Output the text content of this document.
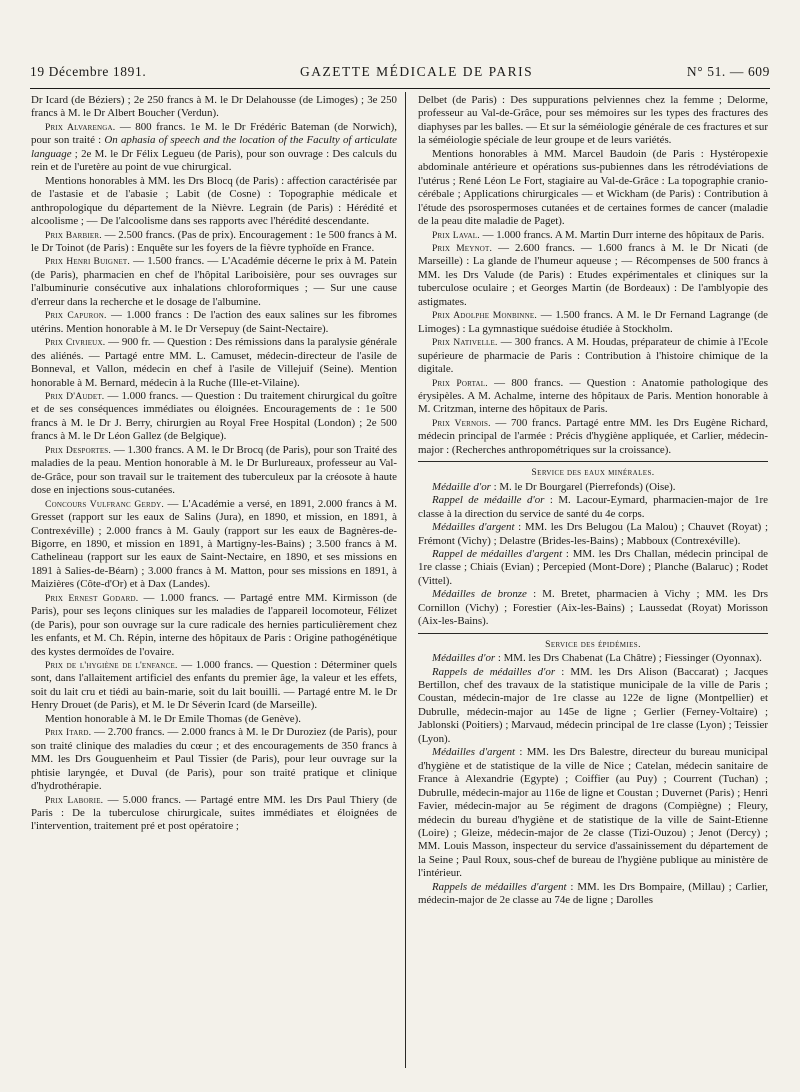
19 Décembre 1891.	GAZETTE MÉDICALE DE PARIS	N° 51. — 609

Dr Icard (de Béziers) ; 2e 250 francs à M. le Dr Delahousse (de Limoges) ; 3e 250 francs à M. le Dr Albert Boucher (Verdun).

Prix Alvarenga. — 800 francs. 1e M. le Dr Frédéric Bateman (de Norwich), pour son traité : On aphasia of speech and the location of the Faculty of articulate language ; 2e M. le Dr Félix Legueu (de Paris), pour son ouvrage : Des calculs du rein et de l'uretère au point de vue chirurgical.

Mentions honorables à MM. les Drs Blocq (de Paris) : affection caractérisée par de l'astasie et de l'abasie ; Labit (de Cosne) : Topographie médicale et anthropologique du département de la Nièvre. Legrain (de Paris) : Hérédité et alcoolisme ; — De l'alcoolisme dans ses rapports avec l'hérédité descendante.

Prix Barbier. — 2.500 francs. (Pas de prix). Encouragement : 1e 500 francs à M. le Dr Toinot (de Paris) : Enquête sur les foyers de la fièvre typhoïde en France.

Prix Henri Buignet. — 1.500 francs. — L'Académie décerne le prix à M. Patein (de Paris), pharmacien en chef de l'hôpital Lariboisière, pour ses ouvrages sur l'albuminurie consécutive aux inhalations chloroformiques ; — Sur une cause d'erreur dans la recherche et le dosage de l'albumine.

Prix Capuron. — 1.000 francs : De l'action des eaux salines sur les fibromes utérins. Mention honorable à M. le Dr Versepuy (de Saint-Nectaire).

Prix Civrieux. — 900 fr. — Question : Des rémissions dans la paralysie générale des aliénés. — Partagé entre MM. L. Camuset, médecin-directeur de l'asile de Bonneval, et Vallon, médecin en chef à l'asile de Villejuif (Seine). Mention honorable à M. Bernard, médecin à la Ruche (Ille-et-Vilaine).

Prix D'Audet. — 1.000 francs. — Question : Du traitement chirurgical du goître et de ses conséquences immédiates ou éloignées. Encouragements de : 1e 500 francs à M. le Dr J. Berry, chirurgien au Royal Free Hospital (London) ; 2e 500 francs à M. le Dr Léon Gallez (de Belgique).

Prix Desportes. — 1.300 francs. A M. le Dr Brocq (de Paris), pour son Traité des maladies de la peau. Mention honorable à M. le Dr Burlureaux, professeur au Val-de-Grâce, pour son travail sur le traitement des tuberculeux par la créosote à haute dose en injections sous-cutanées.

Concours Vulfranc Gerdy. — L'Académie a versé, en 1891, 2.000 francs à M. Gresset (rapport sur les eaux de Salins (Jura), en 1890, et mission, en 1891, à Contrexéville) ; 2.000 francs à M. Gauly (rapport sur les eaux de Bagnères-de-Bigorre, en 1890, et mission en 1891, à Martigny-les-Bains) ; 3.500 francs à M. Cathelineau (rapport sur les eaux de Saint-Nectaire, en 1890, et ses missions en 1891 à Salies-de-Béarn) ; 3.000 francs à M. Matton, pour ses missions en 1891, à Maizières (Côte-d'Or) et à Dax (Landes).

Prix Ernest Godard. — 1.000 francs. — Partagé entre MM. Kirmisson (de Paris), pour ses leçons cliniques sur les maladies de l'appareil locomoteur, Félizet (de Paris), pour son ouvrage sur la cure radicale des hernies particulièrement chez les enfants, et M. Ch. Répin, interne des hôpitaux de Paris : Origine pathogénétique des kystes dermoïdes de l'ovaire.

Prix de l'hygiène de l'enfance. — 1.000 francs. — Question : Déterminer quels sont, dans l'allaitement artificiel des enfants du premier âge, la valeur et les effets, soit du lait cru et tiédi au bain-marie, soit du lait bouilli. — Partagé entre M. le Dr Henry Drouet (de Paris), et M. le Dr Séverin Icard (de Marseille).

Mention honorable à M. le Dr Emile Thomas (de Genève).

Prix Itard. — 2.700 francs. — 2.000 francs à M. le Dr Duroziez (de Paris), pour son traité clinique des maladies du cœur ; et des encouragements de 350 francs à MM. les Drs Gouguenheim et Paul Tissier (de Paris), pour leur ouvrage sur la phtisie laryngée, et Duval (de Paris), pour son traité pratique et clinique d'hydrothérapie.

Prix Laborie. — 5.000 francs. — Partagé entre MM. les Drs Paul Thiery (de Paris : De la tuberculose chirurgicale, suites immédiates et éloignées de l'intervention, traitement pré et post opératoire ;

Delbet (de Paris) : Des suppurations pelviennes chez la femme ; Delorme, professeur au Val-de-Grâce, pour ses mémoires sur les types des fractures des diaphyses par les balles. — Et sur la séméiologie générale de ces fractures et sur la séméiologie spéciale de leur groupe et de leurs variétés.

Mentions honorables à MM. Marcel Baudoin (de Paris : Hystéropexie abdominale antérieure et opérations sus-pubiennes dans les rétrodéviations de l'utérus ; René Léon Le Fort, stagiaire au Val-de-Grâce : La topographie cranio-cérébale ; Applications chirurgicales — et Wickham (de Paris) : Contribution à l'étude des psorospermoses cutanées et de certaines formes de cancer (maladie de la peau dite maladie de Paget).

Prix Laval. — 1.000 francs. A M. Martin Durr interne des hôpitaux de Paris.

Prix Meynot. — 2.600 francs. — 1.600 francs à M. le Dr Nicati (de Marseille) : La glande de l'humeur aqueuse ; — Récompenses de 500 francs à MM. les Drs Valude (de Paris) : Etudes expérimentales et cliniques sur la tuberculose oculaire ; et Georges Martin (de Bordeaux) : De l'amblyopie des astigmates.

Prix Adolphe Monbinne. — 1.500 francs. A M. le Dr Fernand Lagrange (de Limoges) : La gymnastique suédoise étudiée à Stockholm.

Prix Nativelle. — 300 francs. A M. Houdas, préparateur de chimie à l'Ecole supérieure de pharmacie de Paris : Contribution à l'histoire chimique de la digitale.

Prix Portal. — 800 francs. — Question : Anatomie pathologique des érysipèles. A M. Achalme, interne des hôpitaux de Paris. Mention honorable à M. Critzman, interne des hôpitaux de Paris.

Prix Vernois. — 700 francs. Partagé entre MM. les Drs Eugène Richard, médecin principal de l'armée : Précis d'hygiène appliquée, et Carlier, médecin-major : (Recherches anthropométriques sur la croissance).

Service des eaux minérales.

Médaille d'or : M. le Dr Bourgarel (Pierrefonds) (Oise).

Rappel de médaille d'or : M. Lacour-Eymard, pharmacien-major de 1re classe à la direction du service de santé du 4e corps.

Médailles d'argent : MM. les Drs Belugou (La Malou) ; Chauvet (Royat) ; Frémont (Vichy) ; Delastre (Brides-les-Bains) ; Mabboux (Contrexéville).

Rappel de médailles d'argent : MM. les Drs Challan, médecin principal de 1re classe ; Chiais (Evian) ; Percepied (Mont-Dore) ; Planche (Balaruc) ; Rodet (Vittel).

Médailles de bronze : M. Bretet, pharmacien à Vichy ; MM. les Drs Cornillon (Vichy) ; Forestier (Aix-les-Bains) ; Laussedat (Royat) Morisson (Aix-les-Bains).

Service des épidémies.

Médailles d'or : MM. les Drs Chabenat (La Châtre) ; Fiessinger (Oyonnax).

Rappels de médailles d'or : MM. les Drs Alison (Baccarat) ; Jacques Bertillon, chef des travaux de la statistique municipale de la ville de Paris ; Coustan, médecin-major de 1re classe au 122e de ligne (Montpellier) et Dubrulle, médecin-major au 145e de ligne ; Gerlier (Ferney-Voltaire) ; Jablonski (Poitiers) ; Marvaud, médecin principal de 1re classe (Lyon) ; Teissier (Lyon).

Médailles d'argent : MM. les Drs Balestre, directeur du bureau municipal d'hygiène et de statistique de la ville de Nice ; Catelan, médecin sanitaire de France à Alexandrie (Egypte) ; Coiffier (au Puy) ; Courrent (Tuchan) ; Dubrulle, médecin-major au 116e de ligne et Coustan ; Duvernet (Paris) ; Henri Favier, médecin-major au 5e régiment de dragons (Compiègne) ; Fleury, médecin du bureau d'hygiène et de statistique de la ville de Saint-Etienne (Loire) ; Gleize, médecin-major de 2e classe (Tizi-Ouzou) ; Jenot (Dercy) ; MM. Louis Masson, inspecteur du service d'assainissement du département de la Seine ; Paul Roux, sous-chef de bureau de l'hygiène publique au ministère de l'intérieur.

Rappels de médailles d'argent : MM. les Drs Bompaire, (Millau) ; Carlier, médecin-major de 2e classe au 74e de ligne ; Darolles
